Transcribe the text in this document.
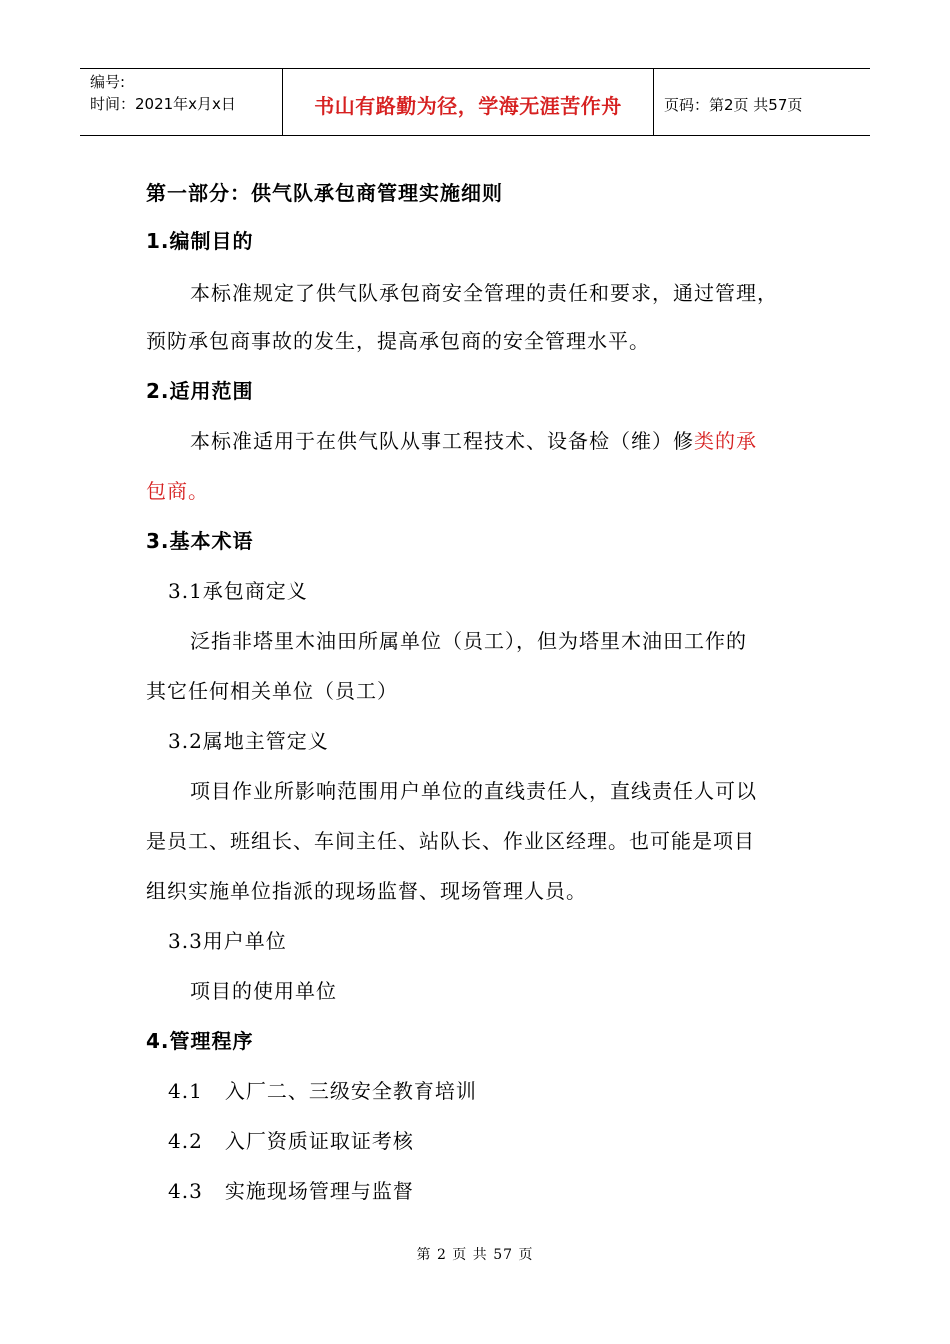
编号:
时间：2021年x月x日	书山有路勤为径，学海无涯苦作舟	页码：第2页 共57页
第一部分：供气队承包商管理实施细则
1.编制目的
本标准规定了供气队承包商安全管理的责任和要求，通过管理，
预防承包商事故的发生，提高承包商的安全管理水平。
2.适用范围
本标准适用于在供气队从事工程技术、设备检（维）修类的承
包商。
3.基本术语
3.1承包商定义
泛指非塔里木油田所属单位（员工），但为塔里木油田工作的
其它任何相关单位（员工）
3.2属地主管定义
项目作业所影响范围用户单位的直线责任人，直线责任人可以
是员工、班组长、车间主任、站队长、作业区经理。也可能是项目
组织实施单位指派的现场监督、现场管理人员。
3.3用户单位
项目的使用单位
4.管理程序
4.1   入厂二、三级安全教育培训
4.2   入厂资质证取证考核
4.3   实施现场管理与监督
第 2 页 共 57 页
